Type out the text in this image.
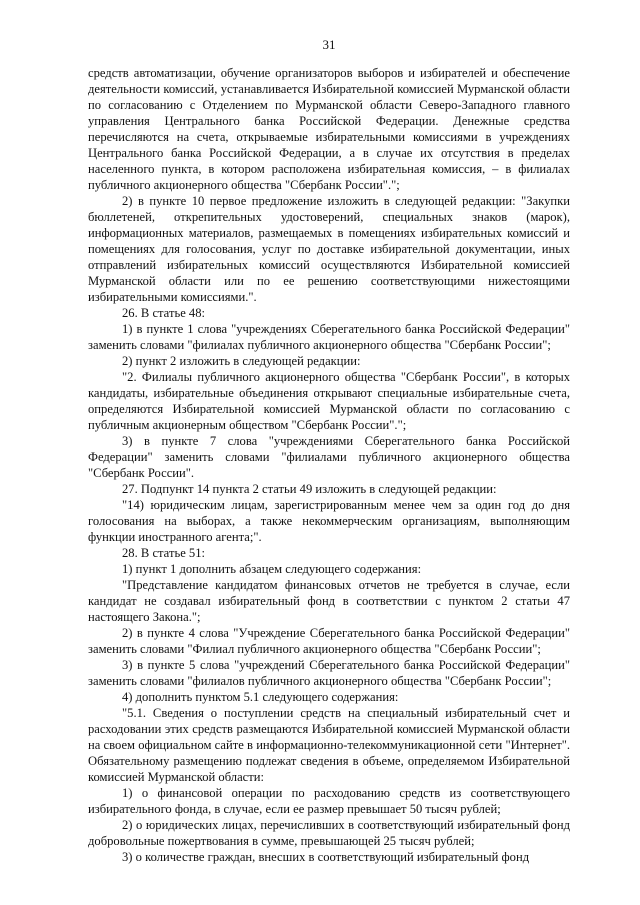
31

средств автоматизации, обучение организаторов выборов и избирателей и обеспечение деятельности комиссий, устанавливается Избирательной комиссией Мурманской области по согласованию с Отделением по Мурманской области Северо-Западного главного управления Центрального банка Российской Федерации. Денежные средства перечисляются на счета, открываемые избирательными комиссиями в учреждениях Центрального банка Российской Федерации, а в случае их отсутствия в пределах населенного пункта, в котором расположена избирательная комиссия, – в филиалах публичного акционерного общества "Сбербанк России".";

2) в пункте 10 первое предложение изложить в следующей редакции: "Закупки бюллетеней, открепительных удостоверений, специальных знаков (марок), информационных материалов, размещаемых в помещениях избирательных комиссий и помещениях для голосования, услуг по доставке избирательной документации, иных отправлений избирательных комиссий осуществляются Избирательной комиссией Мурманской области или по ее решению соответствующими нижестоящими избирательными комиссиями.".

26. В статье 48:

1) в пункте 1 слова "учреждениях Сберегательного банка Российской Федерации" заменить словами "филиалах публичного акционерного общества "Сбербанк России";

2) пункт 2 изложить в следующей редакции:

"2. Филиалы публичного акционерного общества "Сбербанк России", в которых кандидаты, избирательные объединения открывают специальные избирательные счета, определяются Избирательной комиссией Мурманской области по согласованию с публичным акционерным обществом "Сбербанк России".";

3) в пункте 7 слова "учреждениями Сберегательного банка Российской Федерации" заменить словами "филиалами публичного акционерного общества "Сбербанк России".

27. Подпункт 14 пункта 2 статьи 49 изложить в следующей редакции:

"14) юридическим лицам, зарегистрированным менее чем за один год до дня голосования на выборах, а также некоммерческим организациям, выполняющим функции иностранного агента;".

28. В статье 51:

1) пункт 1 дополнить абзацем следующего содержания:

"Представление кандидатом финансовых отчетов не требуется в случае, если кандидат не создавал избирательный фонд в соответствии с пунктом 2 статьи 47 настоящего Закона.";

2) в пункте 4 слова "Учреждение Сберегательного банка Российской Федерации" заменить словами "Филиал публичного акционерного общества "Сбербанк России";

3) в пункте 5 слова "учреждений Сберегательного банка Российской Федерации" заменить словами "филиалов публичного акционерного общества "Сбербанк России";

4) дополнить пунктом 5.1 следующего содержания:

"5.1. Сведения о поступлении средств на специальный избирательный счет и расходовании этих средств размещаются Избирательной комиссией Мурманской области на своем официальном сайте в информационно-телекоммуникационной сети "Интернет". Обязательному размещению подлежат сведения в объеме, определяемом Избирательной комиссией Мурманской области:

1) о финансовой операции по расходованию средств из соответствующего избирательного фонда, в случае, если ее размер превышает 50 тысяч рублей;

2) о юридических лицах, перечисливших в соответствующий избирательный фонд добровольные пожертвования в сумме, превышающей 25 тысяч рублей;

3) о количестве граждан, внесших в соответствующий избирательный фонд
